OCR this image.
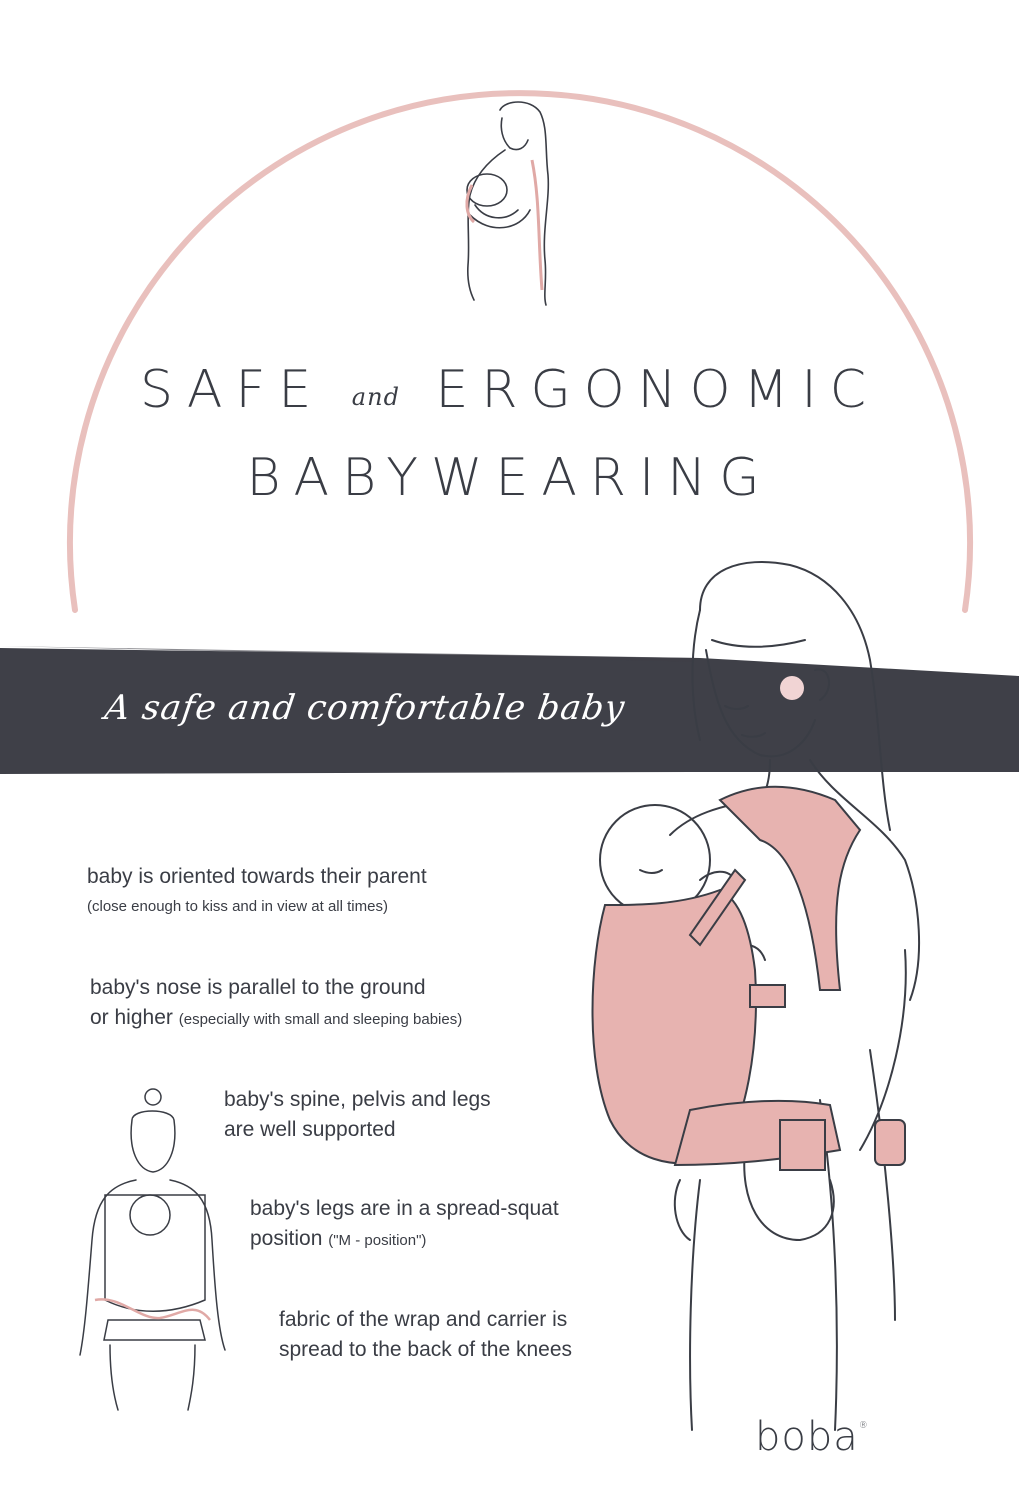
SAFE and ERGONOMIC
BABYWEARING
A safe and comfortable baby
baby is oriented towards their parent
(close enough to kiss and in view at all times)
baby's nose is parallel to the ground
or higher (especially with small and sleeping babies)
baby's spine, pelvis and legs
are well supported
baby's legs are in a spread-squat
position ("M - position")
fabric of the wrap and carrier is
spread to the back of the knees
boba®
